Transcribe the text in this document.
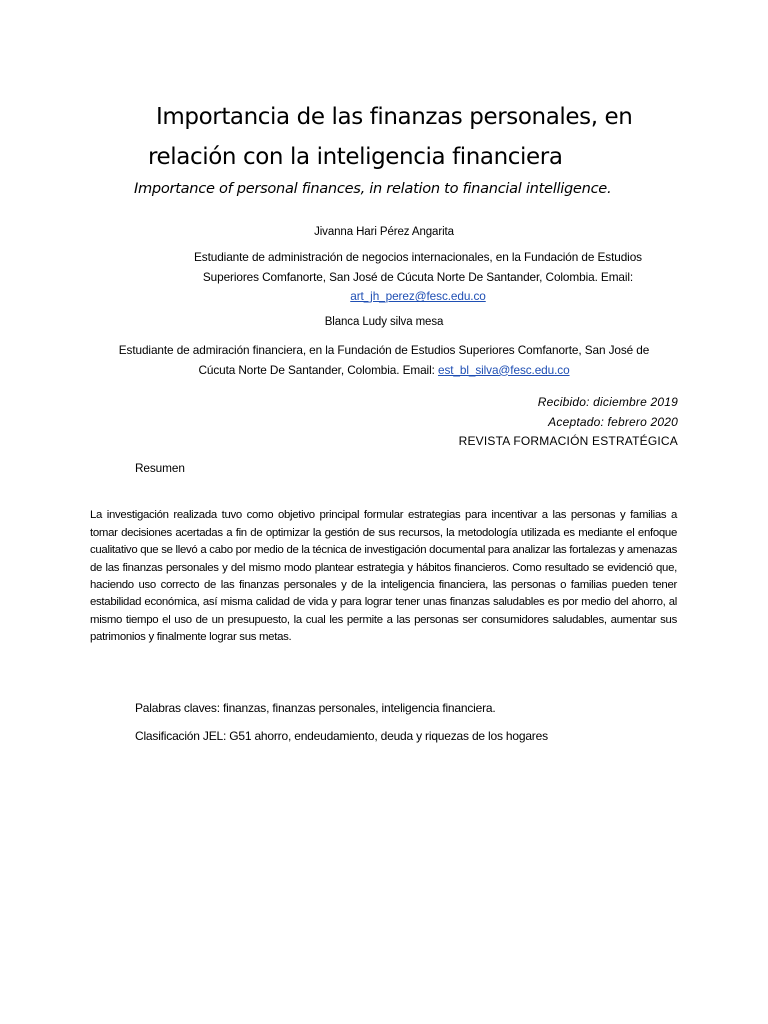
Importancia de las finanzas personales, en
relación con la inteligencia financiera

Importance of personal finances, in relation to financial intelligence.

Jivanna Hari Pérez Angarita
Estudiante de administración de negocios internacionales, en la Fundación de Estudios
Superiores Comfanorte, San José de Cúcuta Norte De Santander, Colombia. Email:
art_jh_perez@fesc.edu.co
Blanca Ludy silva mesa
Estudiante de admiración financiera, en la Fundación de Estudios Superiores Comfanorte, San José de
Cúcuta Norte De Santander, Colombia. Email: est_bl_silva@fesc.edu.co
Recibido: diciembre 2019
Aceptado: febrero 2020
REVISTA FORMACIÓN ESTRATÉGICA
Resumen

La investigación realizada tuvo como objetivo principal formular estrategias para incentivar a las personas y familias a tomar decisiones acertadas a fin de optimizar la gestión de sus recursos, la metodología utilizada es mediante el enfoque cualitativo que se llevó a cabo por medio de la técnica de investigación documental para analizar las fortalezas y amenazas de las finanzas personales y del mismo modo plantear estrategia y hábitos financieros. Como resultado se evidenció que, haciendo uso correcto de las finanzas personales y de la inteligencia financiera, las personas o familias pueden tener estabilidad económica, así misma calidad de vida y para lograr tener unas finanzas saludables es por medio del ahorro, al mismo tiempo el uso de un presupuesto, la cual les permite a las personas ser consumidores saludables, aumentar sus patrimonios y finalmente lograr sus metas.

Palabras claves: finanzas, finanzas personales, inteligencia financiera.
Clasificación JEL: G51 ahorro, endeudamiento, deuda y riquezas de los hogares
